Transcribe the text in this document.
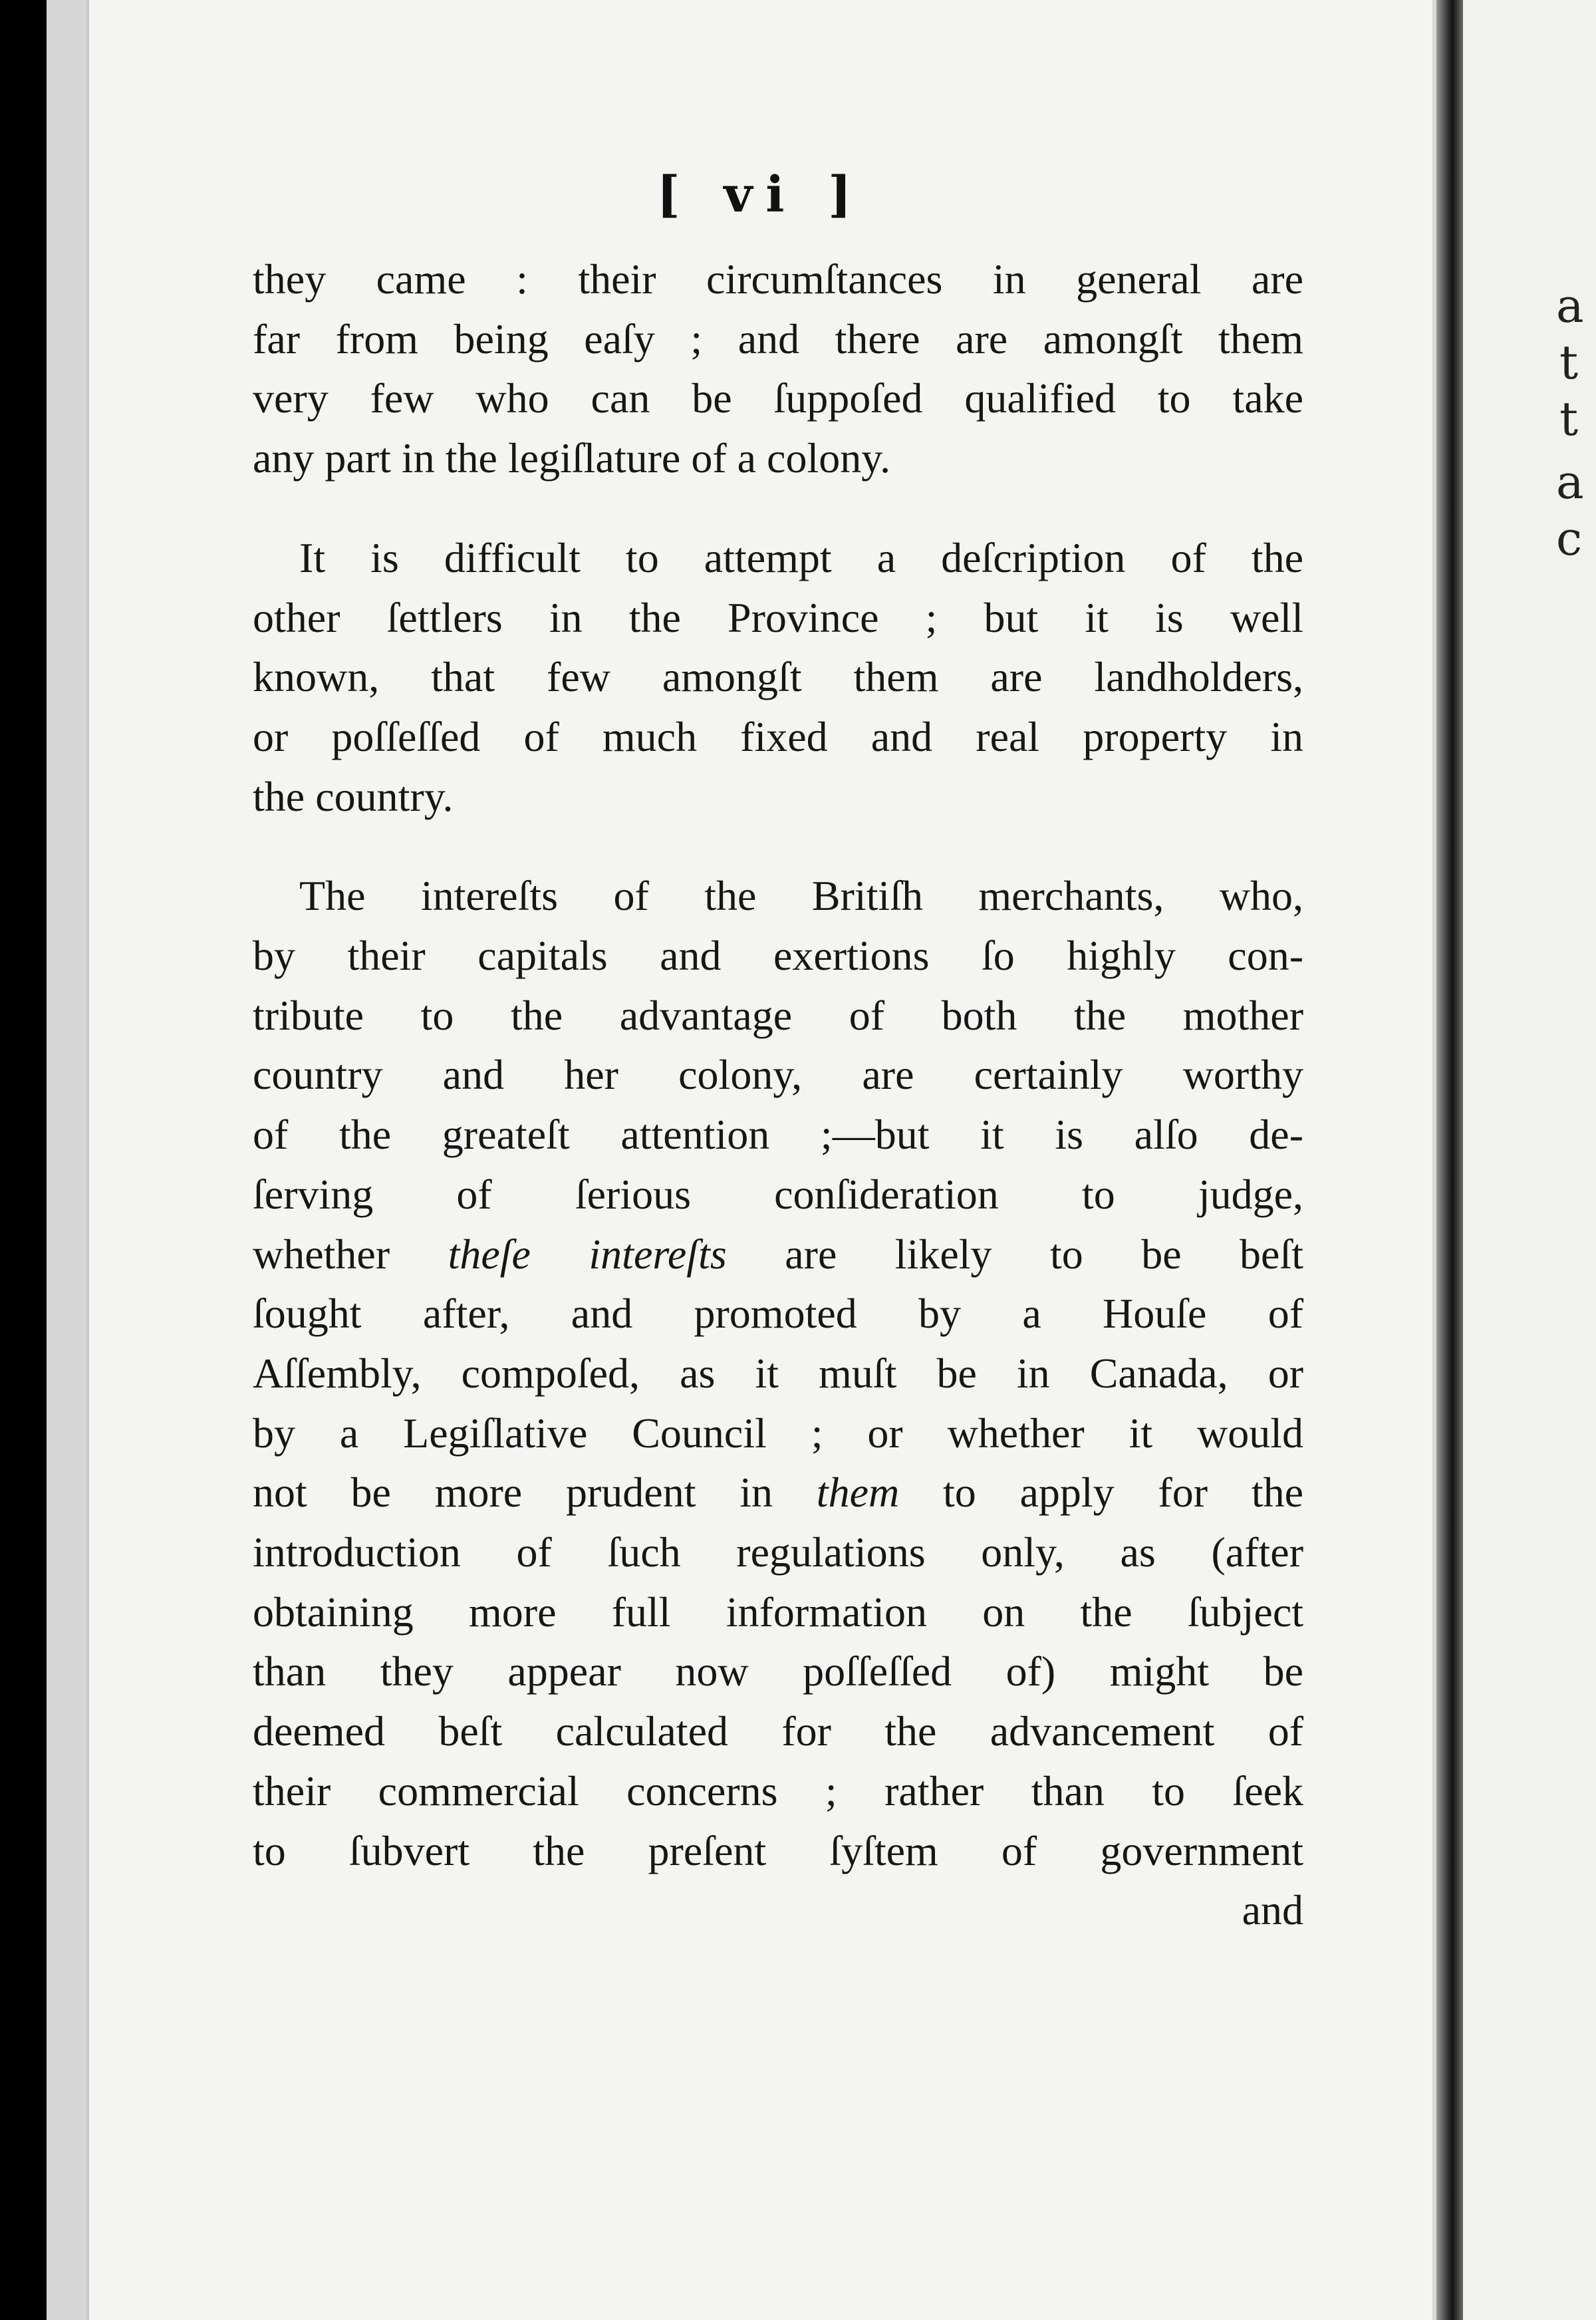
[ vi ]
a
t
t
a
c
they came : their circumſtances in general are
far from being eaſy ; and there are amongſt them
very few who can be ſuppoſed qualified to take
any part in the legiſlature of a colony.
It is difficult to attempt a deſcription of the
other ſettlers in the Province ; but it is well
known, that few amongſt them are landholders,
or poſſeſſed of much fixed and real property in
the country.
The intereſts of the Britiſh merchants, who,
by their capitals and exertions ſo highly con-
tribute to the advantage of both the mother
country and her colony, are certainly worthy
of the greateſt attention ;—but it is alſo de-
ſerving of ſerious conſideration to judge,
whether theſe intereſts are likely to be beſt
ſought after, and promoted by a Houſe of
Aſſembly, compoſed, as it muſt be in Canada, or
by a Legiſlative Council ; or whether it would
not be more prudent in them to apply for the
introduction of ſuch regulations only, as (after
obtaining more full information on the ſubject
than they appear now poſſeſſed of) might be
deemed beſt calculated for the advancement of
their commercial concerns ; rather than to ſeek
to ſubvert the preſent ſyſtem of government
and
